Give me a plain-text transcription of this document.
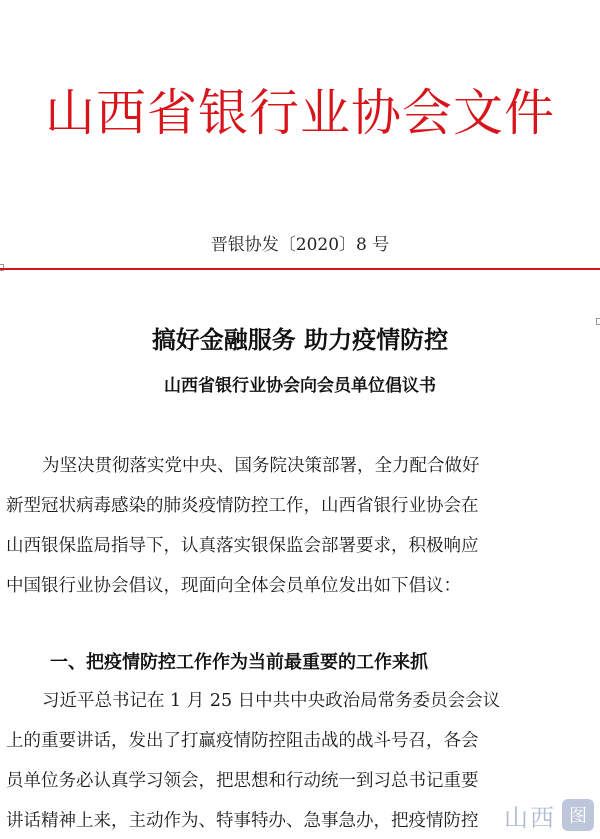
山西省银行业协会文件
晋银协发〔2020〕8 号
搞好金融服务 助力疫情防控
山西省银行业协会向会员单位倡议书
为坚决贯彻落实党中央、国务院决策部署，全力配合做好
新型冠状病毒感染的肺炎疫情防控工作，山西省银行业协会在
山西银保监局指导下，认真落实银保监会部署要求，积极响应
中国银行业协会倡议，现面向全体会员单位发出如下倡议：
一、把疫情防控工作作为当前最重要的工作来抓
习近平总书记在 1 月 25 日中共中央政治局常务委员会会议
上的重要讲话，发出了打赢疫情防控阻击战的战斗号召，各会
员单位务必认真学习领会，把思想和行动统一到习总书记重要
讲话精神上来，主动作为、特事特办、急事急办，把疫情防控	山西 图
